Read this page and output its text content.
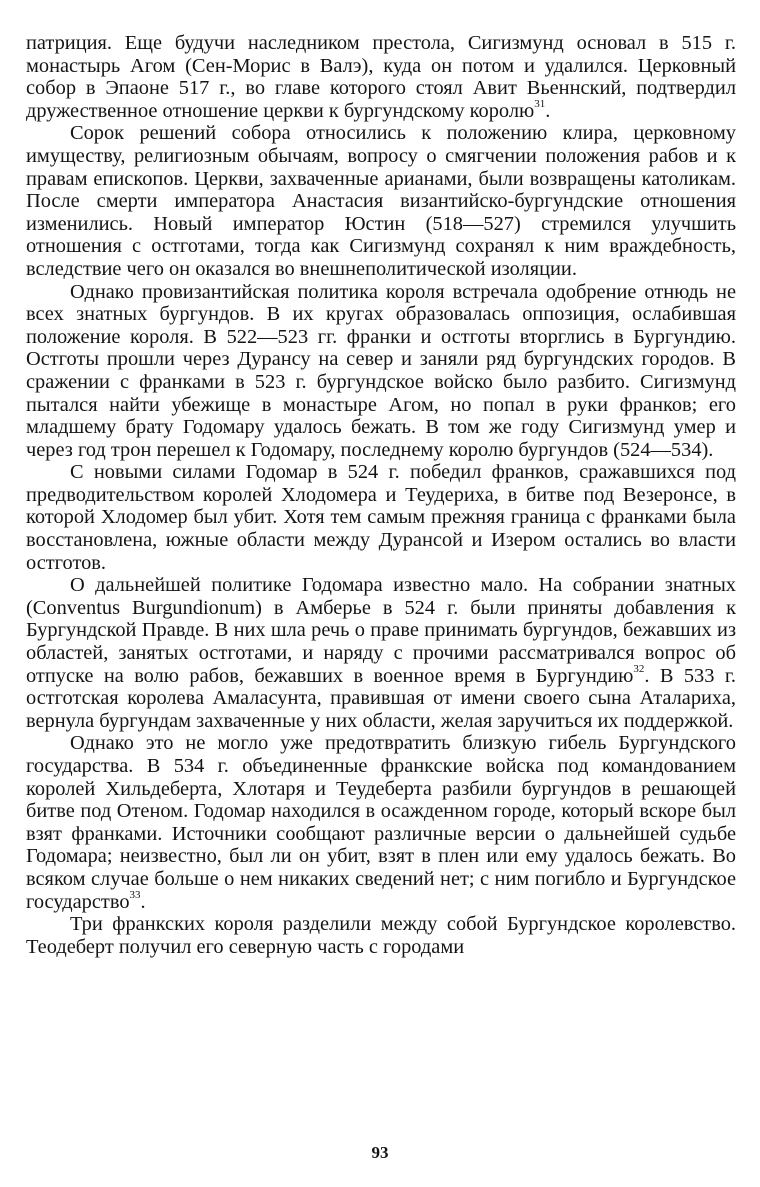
патриция. Еще будучи наследником престола, Сигизмунд основал в 515 г. монастырь Агом (Сен-Морис в Валэ), куда он потом и удалился. Церковный собор в Эпаоне 517 г., во главе которого стоял Авит Вьеннский, подтвердил дружественное отношение церкви к бургундскому королю$^{31}$.

Сорок решений собора относились к положению клира, церковному имуществу, религиозным обычаям, вопросу о смягчении положения рабов и к правам епископов. Церкви, захваченные арианами, были возвращены католикам. После смерти императора Анастасия византийско-бургундские отношения изменились. Новый император Юстин (518—527) стремился улучшить отношения с остготами, тогда как Сигизмунд сохранял к ним враждебность, вследствие чего он оказался во внешнеполитической изоляции.

Однако провизантийская политика короля встречала одобрение отнюдь не всех знатных бургундов. В их кругах образовалась оппозиция, ослабившая положение короля. В 522—523 гг. франки и остготы вторглись в Бургундию. Остготы прошли через Дурансу на север и заняли ряд бургундских городов. В сражении с франками в 523 г. бургундское войско было разбито. Сигизмунд пытался найти убежище в монастыре Агом, но попал в руки франков; его младшему брату Годомару удалось бежать. В том же году Сигизмунд умер и через год трон перешел к Годомару, последнему королю бургундов (524—534).

С новыми силами Годомар в 524 г. победил франков, сражавшихся под предводительством королей Хлодомера и Теудериха, в битве под Везеронсе, в которой Хлодомер был убит. Хотя тем самым прежняя граница с франками была восстановлена, южные области между Дурансой и Изером остались во власти остготов.

О дальнейшей политике Годомара известно мало. На собрании знатных (Conventus Burgundionum) в Амберье в 524 г. были приняты добавления к Бургундской Правде. В них шла речь о праве принимать бургундов, бежавших из областей, занятых остготами, и наряду с прочими рассматривался вопрос об отпуске на волю рабов, бежавших в военное время в Бургундию$^{32}$. В 533 г. остготская королева Амаласунта, правившая от имени своего сына Аталариха, вернула бургундам захваченные у них области, желая заручиться их поддержкой.

Однако это не могло уже предотвратить близкую гибель Бургундского государства. В 534 г. объединенные франкские войска под командованием королей Хильдеберта, Хлотаря и Теудеберта разбили бургундов в решающей битве под Отеном. Годомар находился в осажденном городе, который вскоре был взят франками. Источники сообщают различные версии о дальнейшей судьбе Годомара; неизвестно, был ли он убит, взят в плен или ему удалось бежать. Во всяком случае больше о нем никаких сведений нет; с ним погибло и Бургундское государство$^{33}$.

Три франкских короля разделили между собой Бургундское королевство. Теодеберт получил его северную часть с городами

93
